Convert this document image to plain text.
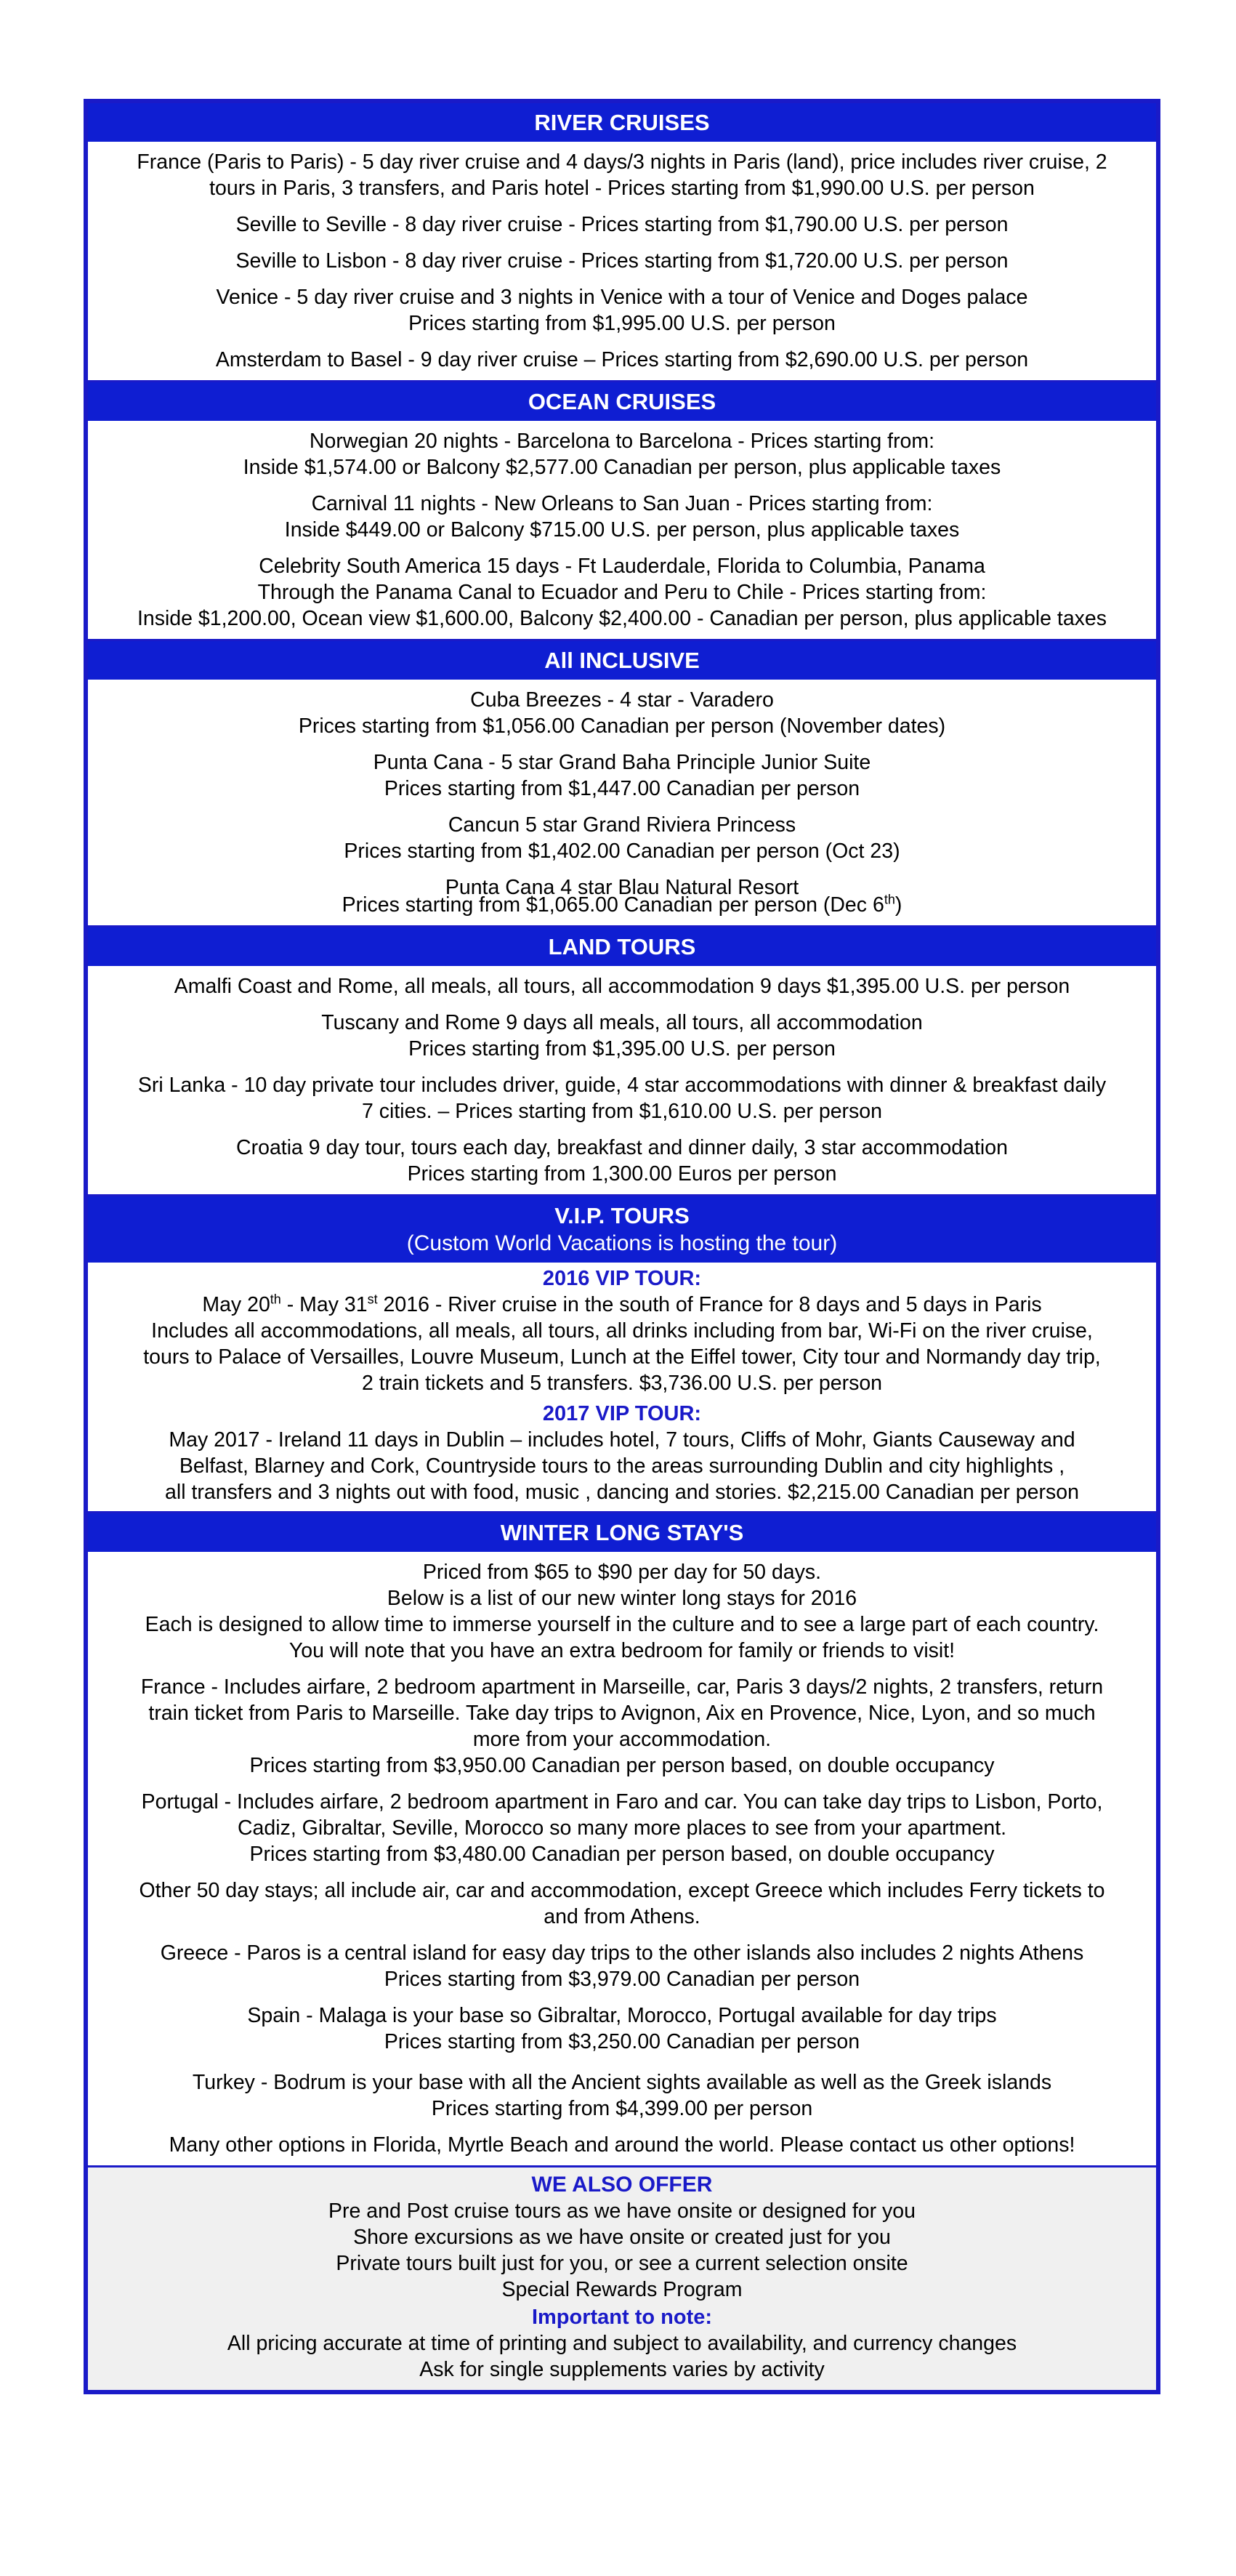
RIVER CRUISES
France (Paris to Paris) - 5 day river cruise and 4 days/3 nights in Paris (land), price includes river cruise, 2
tours in Paris, 3 transfers, and Paris hotel - Prices starting from $1,990.00 U.S. per person
Seville to Seville - 8 day river cruise - Prices starting from $1,790.00 U.S. per person
Seville to Lisbon - 8 day river cruise - Prices starting from $1,720.00 U.S. per person
Venice - 5 day river cruise and 3 nights in Venice with a tour of Venice and Doges palace
Prices starting from $1,995.00 U.S. per person
Amsterdam to Basel - 9 day river cruise – Prices starting from $2,690.00 U.S. per person
OCEAN CRUISES
Norwegian 20 nights - Barcelona to Barcelona - Prices starting from:
Inside $1,574.00 or Balcony $2,577.00 Canadian per person, plus applicable taxes
Carnival 11 nights - New Orleans to San Juan - Prices starting from:
Inside $449.00 or Balcony $715.00 U.S. per person, plus applicable taxes
Celebrity South America 15 days - Ft Lauderdale, Florida to Columbia, Panama
Through the Panama Canal to Ecuador and Peru to Chile - Prices starting from:
Inside $1,200.00, Ocean view $1,600.00, Balcony $2,400.00 - Canadian per person, plus applicable taxes
All INCLUSIVE
Cuba Breezes - 4 star - Varadero
Prices starting from $1,056.00 Canadian per person (November dates)
Punta Cana - 5 star Grand Baha Principle Junior Suite
Prices starting from $1,447.00 Canadian per person
Cancun 5 star Grand Riviera Princess
Prices starting from $1,402.00 Canadian per person (Oct 23)
Punta Cana 4 star Blau Natural Resort
Prices starting from $1,065.00 Canadian per person (Dec 6th)
LAND TOURS
Amalfi Coast and Rome, all meals, all tours, all accommodation 9 days $1,395.00 U.S. per person
Tuscany and Rome 9 days all meals, all tours, all accommodation
Prices starting from $1,395.00 U.S. per person
Sri Lanka - 10 day private tour includes driver, guide, 4 star accommodations with dinner & breakfast daily
7 cities. – Prices starting from $1,610.00 U.S. per person
Croatia 9 day tour, tours each day, breakfast and dinner daily, 3 star accommodation
Prices starting from 1,300.00 Euros per person
V.I.P. TOURS
(Custom World Vacations is hosting the tour)
2016 VIP TOUR:
May 20th - May 31st 2016 - River cruise in the south of France for 8 days and 5 days in Paris
Includes all accommodations, all meals, all tours, all drinks including from bar, Wi-Fi on the river cruise,
tours to Palace of Versailles, Louvre Museum, Lunch at the Eiffel tower, City tour and Normandy day trip,
2 train tickets and 5 transfers. $3,736.00 U.S. per person
2017 VIP TOUR:
May 2017 - Ireland 11 days in Dublin – includes hotel, 7 tours, Cliffs of Mohr, Giants Causeway and
Belfast, Blarney and Cork, Countryside tours to the areas surrounding Dublin and city highlights ,
all transfers and 3 nights out with food, music , dancing and stories. $2,215.00 Canadian per person
WINTER LONG STAY'S
Priced from $65 to $90 per day for 50 days.
Below is a list of our new winter long stays for 2016
Each is designed to allow time to immerse yourself in the culture and to see a large part of each country.
You will note that you have an extra bedroom for family or friends to visit!
France - Includes airfare, 2 bedroom apartment in Marseille, car, Paris 3 days/2 nights, 2 transfers, return
train ticket from Paris to Marseille. Take day trips to Avignon, Aix en Provence, Nice, Lyon, and so much
more from your accommodation.
Prices starting from $3,950.00 Canadian per person based, on double occupancy
Portugal - Includes airfare, 2 bedroom apartment in Faro and car. You can take day trips to Lisbon, Porto,
Cadiz, Gibraltar, Seville, Morocco so many more places to see from your apartment.
Prices starting from $3,480.00 Canadian per person based, on double occupancy
Other 50 day stays; all include air, car and accommodation, except Greece which includes Ferry tickets to
and from Athens.
Greece - Paros is a central island for easy day trips to the other islands also includes 2 nights Athens
Prices starting from $3,979.00 Canadian per person
Spain - Malaga is your base so Gibraltar, Morocco, Portugal available for day trips
Prices starting from $3,250.00 Canadian per person
Turkey - Bodrum is your base with all the Ancient sights available as well as the Greek islands
Prices starting from $4,399.00 per person
Many other options in Florida, Myrtle Beach and around the world. Please contact us other options!
WE ALSO OFFER
Pre and Post cruise tours as we have onsite or designed for you
Shore excursions as we have onsite or created just for you
Private tours built just for you, or see a current selection onsite
Special Rewards Program
Important to note:
All pricing accurate at time of printing and subject to availability, and currency changes
Ask for single supplements varies by activity
